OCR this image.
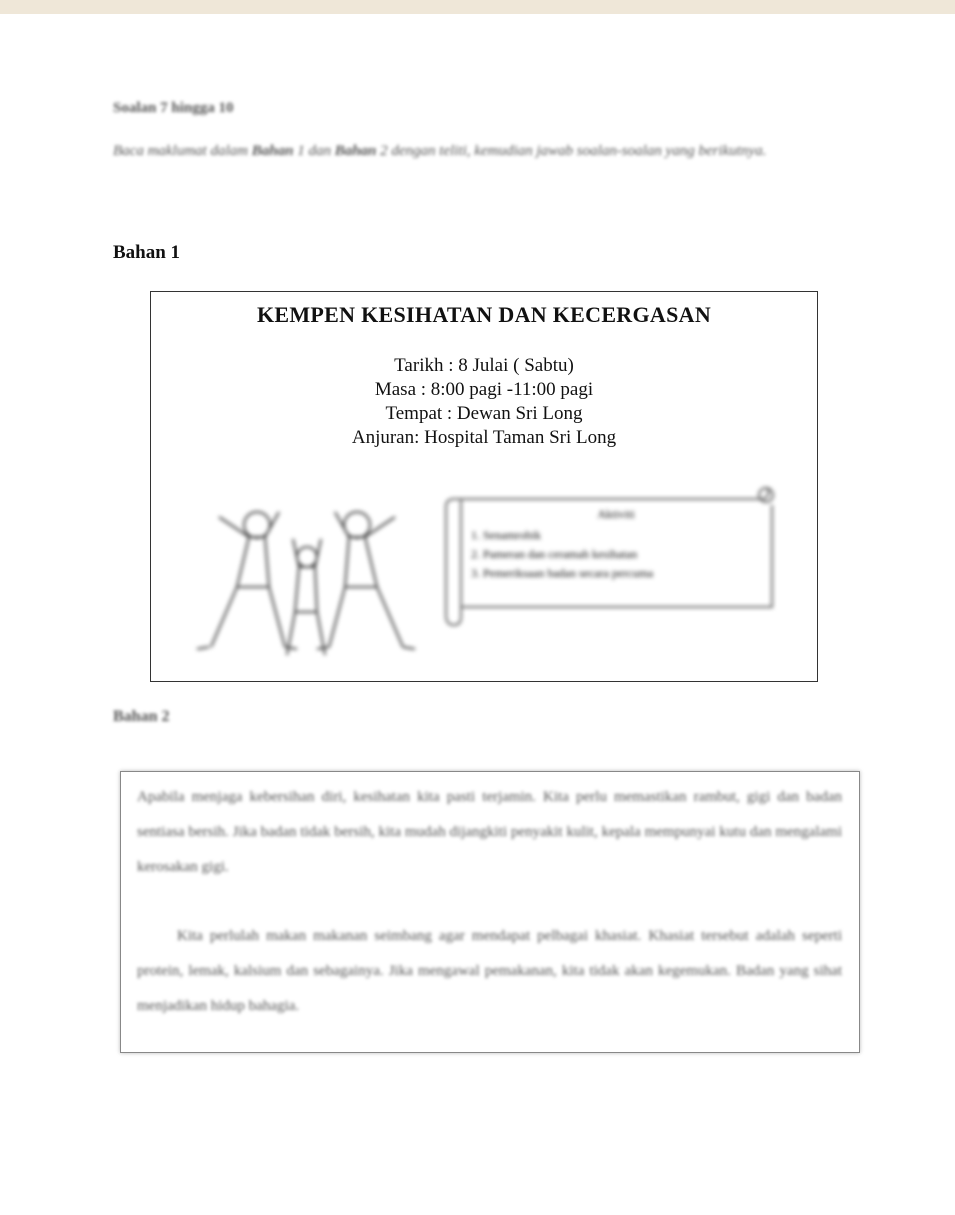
Soalan 7 hingga 10
Baca maklumat dalam Bahan 1 dan Bahan 2 dengan teliti, kemudian jawab soalan-soalan yang berikutnya.
Bahan 1
KEMPEN KESIHATAN DAN KECERGASAN
Tarikh : 8 Julai ( Sabtu)
Masa : 8:00 pagi -11:00 pagi
Tempat : Dewan Sri Long
Anjuran: Hospital Taman Sri Long
Aktiviti
1. Senamrobik
2. Pameran dan ceramah kesihatan
3. Pemeriksaan badan secara percuma
Bahan 2
Apabila menjaga kebersihan diri, kesihatan kita pasti terjamin. Kita perlu memastikan rambut, gigi dan badan sentiasa bersih. Jika badan tidak bersih, kita mudah dijangkiti penyakit kulit, kepala mempunyai kutu dan mengalami kerosakan gigi.
Kita perlulah makan makanan seimbang agar mendapat pelbagai khasiat. Khasiat tersebut adalah seperti protein, lemak, kalsium dan sebagainya. Jika mengawal pemakanan, kita tidak akan kegemukan. Badan yang sihat menjadikan hidup bahagia.
